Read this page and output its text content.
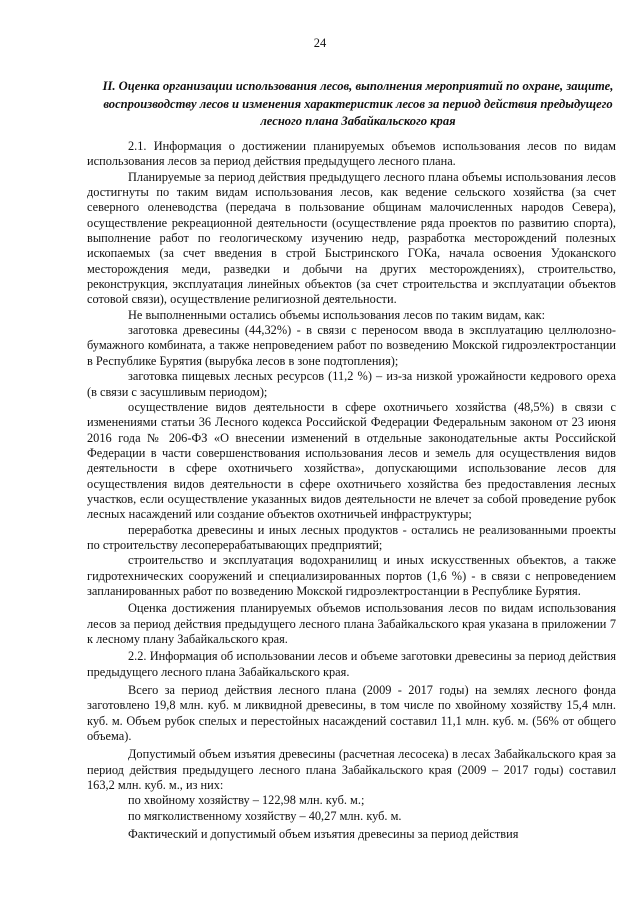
24
II. Оценка организации использования лесов, выполнения мероприятий по охране, защите, воспроизводству лесов и изменения характеристик лесов за период действия предыдущего лесного плана Забайкальского края

2.1. Информация о достижении планируемых объемов использования лесов по видам использования лесов за период действия предыдущего лесного плана.

Планируемые за период действия предыдущего лесного плана объемы использования лесов достигнуты по таким видам использования лесов, как ведение сельского хозяйства (за счет северного оленеводства (передача в пользование общинам малочисленных народов Севера), осуществление рекреационной деятельности (осуществление ряда проектов по развитию спорта), выполнение работ по геологическому изучению недр, разработка месторождений полезных ископаемых (за счет введения в строй Быстринского ГОКа, начала освоения Удоканского месторождения меди, разведки и добычи на других месторождениях), строительство, реконструкция, эксплуатация линейных объектов (за счет строительства и эксплуатации объектов сотовой связи), осуществление религиозной деятельности.

Не выполненными остались объемы использования лесов по таким видам, как:

заготовка древесины (44,32%) - в связи с переносом ввода в эксплуатацию целлюлозно-бумажного комбината, а также непроведением работ по возведению Мокской гидроэлектростанции в Республике Бурятия (вырубка лесов в зоне подтопления);

заготовка пищевых лесных ресурсов (11,2 %) – из-за низкой урожайности кедрового ореха (в связи с засушливым периодом);

осуществление видов деятельности в сфере охотничьего хозяйства (48,5%) в связи с изменениями статьи 36 Лесного кодекса Российской Федерации Федеральным законом от 23 июня 2016 года № 206-ФЗ «О внесении изменений в отдельные законодательные акты Российской Федерации в части совершенствования использования лесов и земель для осуществления видов деятельности в сфере охотничьего хозяйства», допускающими использование лесов для осуществления видов деятельности в сфере охотничьего хозяйства без предоставления лесных участков, если осуществление указанных видов деятельности не влечет за собой проведение рубок лесных насаждений или создание объектов охотничьей инфраструктуры;

переработка древесины и иных лесных продуктов - остались не реализованными проекты по строительству лесоперерабатывающих предприятий;

строительство и эксплуатация водохранилищ и иных искусственных объектов, а также гидротехнических сооружений и специализированных портов (1,6 %) - в связи с непроведением запланированных работ по возведению Мокской гидроэлектростанции в Республике Бурятия.

Оценка достижения планируемых объемов использования лесов по видам использования лесов за период действия предыдущего лесного плана Забайкальского края указана в приложении 7 к лесному плану Забайкальского края.

2.2. Информация об использовании лесов и объеме заготовки древесины за период действия предыдущего лесного плана Забайкальского края.

Всего за период действия лесного плана (2009 - 2017 годы) на землях лесного фонда заготовлено 19,8 млн. куб. м ликвидной древесины, в том числе по хвойному хозяйству 15,4 млн. куб. м. Объем рубок спелых и перестойных насаждений составил 11,1 млн. куб. м. (56% от общего объема).

Допустимый объем изъятия древесины (расчетная лесосека) в лесах Забайкальского края за период действия предыдущего лесного плана Забайкальского края (2009 – 2017 годы) составил 163,2 млн. куб. м., из них:

по хвойному хозяйству – 122,98 млн. куб. м.;

по мягколиственному хозяйству – 40,27 млн. куб. м.

Фактический и допустимый объем изъятия древесины за период действия
